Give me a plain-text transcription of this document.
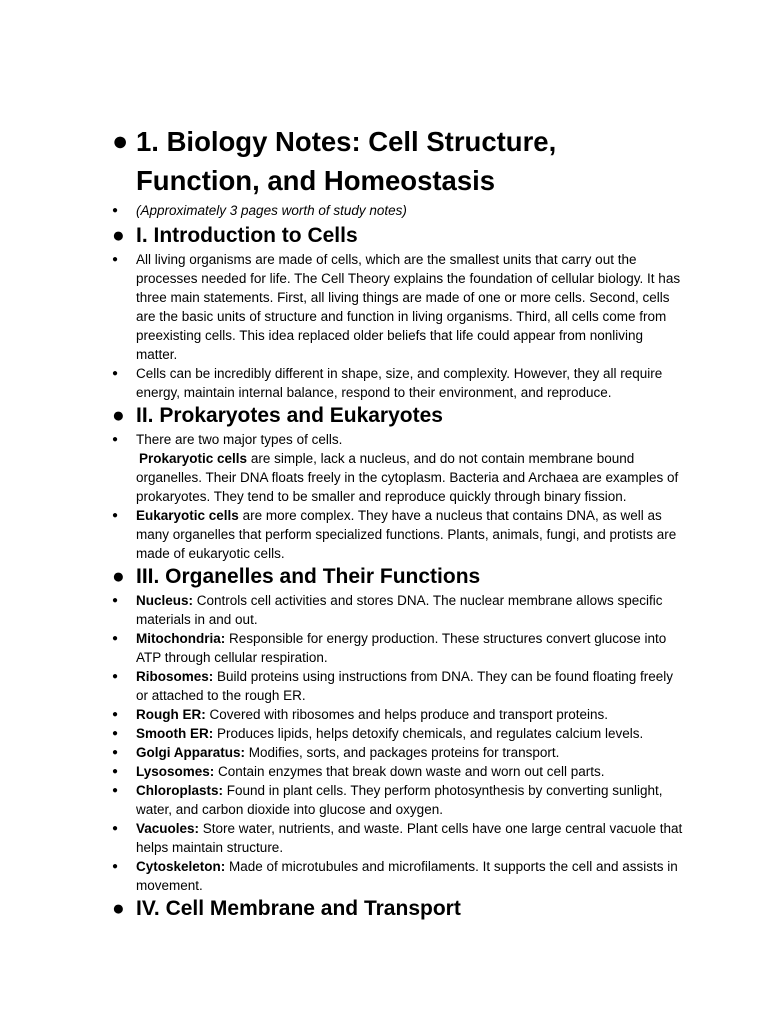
● 1. Biology Notes: Cell Structure, Function, and Homeostasis
● (Approximately 3 pages worth of study notes)
● I. Introduction to Cells
● All living organisms are made of cells, which are the smallest units that carry out the processes needed for life. The Cell Theory explains the foundation of cellular biology. It has three main statements. First, all living things are made of one or more cells. Second, cells are the basic units of structure and function in living organisms. Third, all cells come from preexisting cells. This idea replaced older beliefs that life could appear from nonliving matter.
● Cells can be incredibly different in shape, size, and complexity. However, they all require energy, maintain internal balance, respond to their environment, and reproduce.
● II. Prokaryotes and Eukaryotes
● There are two major types of cells.
Prokaryotic cells are simple, lack a nucleus, and do not contain membrane bound organelles. Their DNA floats freely in the cytoplasm. Bacteria and Archaea are examples of prokaryotes. They tend to be smaller and reproduce quickly through binary fission.
● Eukaryotic cells are more complex. They have a nucleus that contains DNA, as well as many organelles that perform specialized functions. Plants, animals, fungi, and protists are made of eukaryotic cells.
● III. Organelles and Their Functions
● Nucleus: Controls cell activities and stores DNA. The nuclear membrane allows specific materials in and out.
● Mitochondria: Responsible for energy production. These structures convert glucose into ATP through cellular respiration.
● Ribosomes: Build proteins using instructions from DNA. They can be found floating freely or attached to the rough ER.
● Rough ER: Covered with ribosomes and helps produce and transport proteins.
● Smooth ER: Produces lipids, helps detoxify chemicals, and regulates calcium levels.
● Golgi Apparatus: Modifies, sorts, and packages proteins for transport.
● Lysosomes: Contain enzymes that break down waste and worn out cell parts.
● Chloroplasts: Found in plant cells. They perform photosynthesis by converting sunlight, water, and carbon dioxide into glucose and oxygen.
● Vacuoles: Store water, nutrients, and waste. Plant cells have one large central vacuole that helps maintain structure.
● Cytoskeleton: Made of microtubules and microfilaments. It supports the cell and assists in movement.
● IV. Cell Membrane and Transport
